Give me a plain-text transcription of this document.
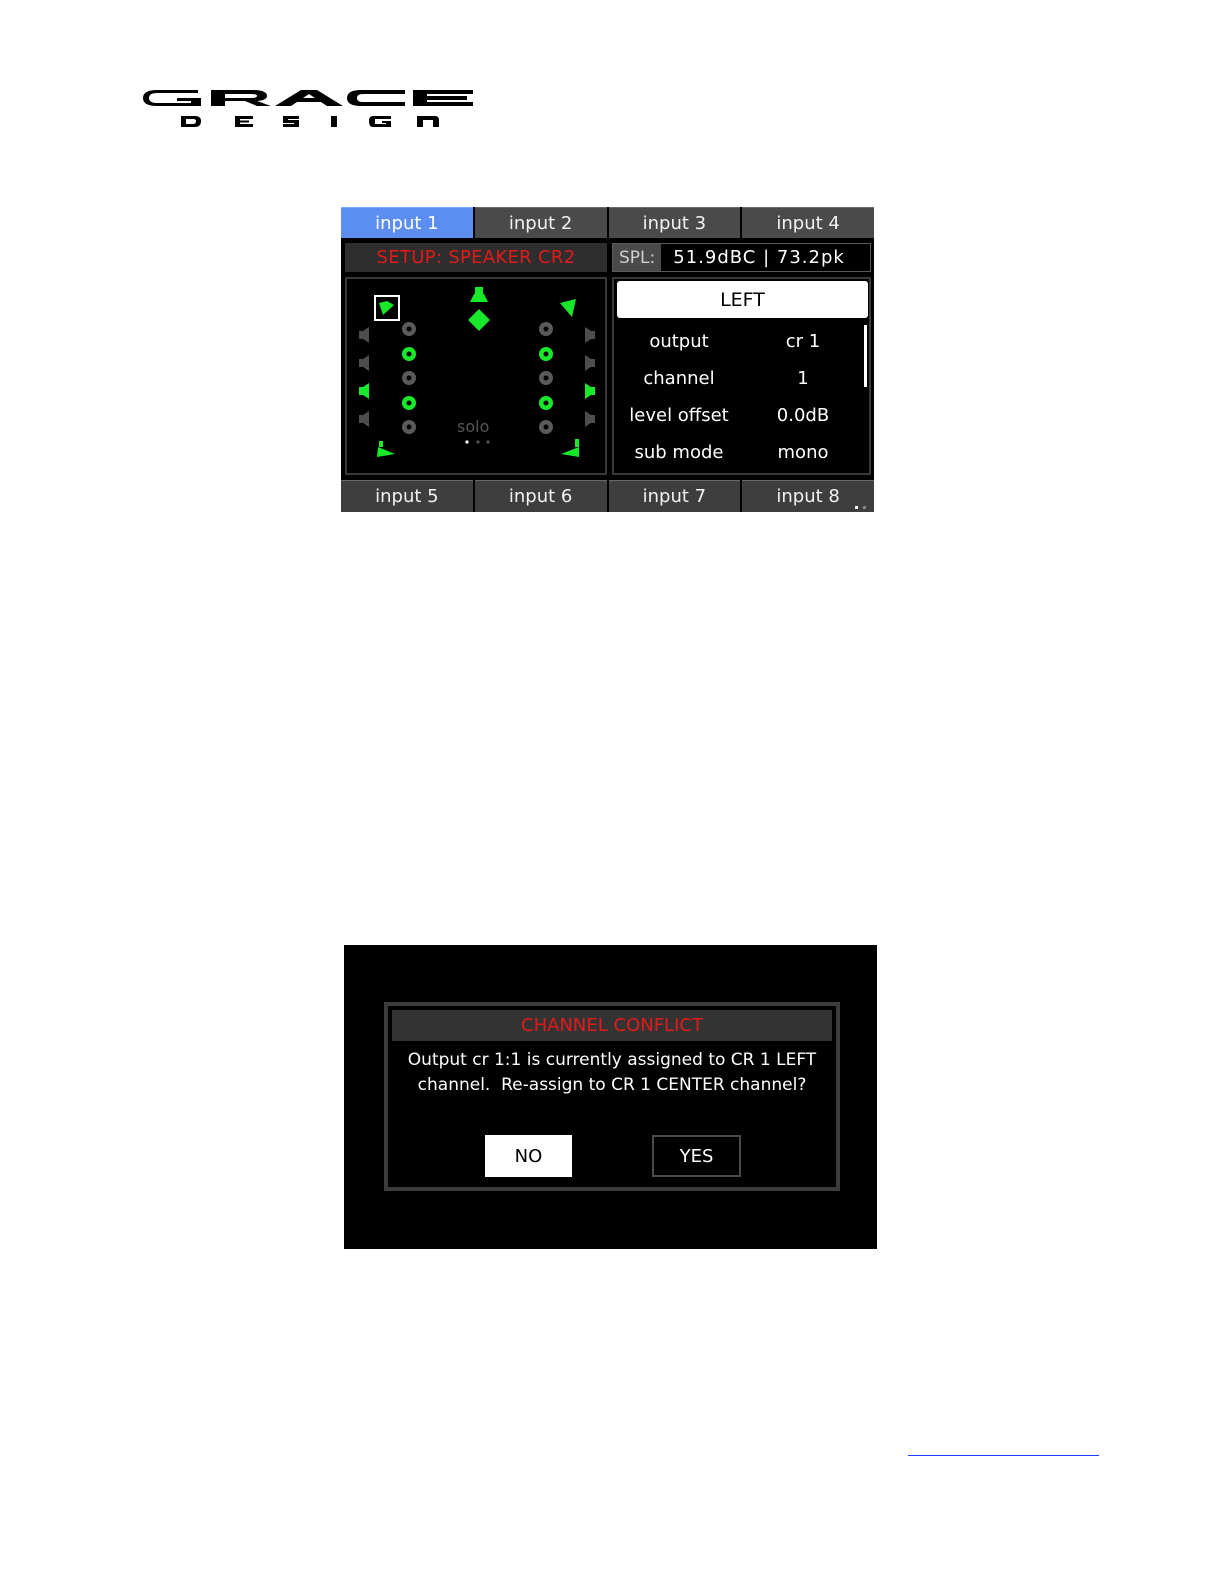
input 1	input 2	input 3	input 4
SETUP: SPEAKER CR2	SPL:	51.9dBC | 73.2pk
solo
LEFT
output	cr 1
channel	1
level offset	0.0dB
sub mode	mono
input 5	input 6	input 7	input 8
CHANNEL CONFLICT
Output cr 1:1 is currently assigned to CR 1 LEFT
channel.  Re-assign to CR 1 CENTER channel?
NO	YES
